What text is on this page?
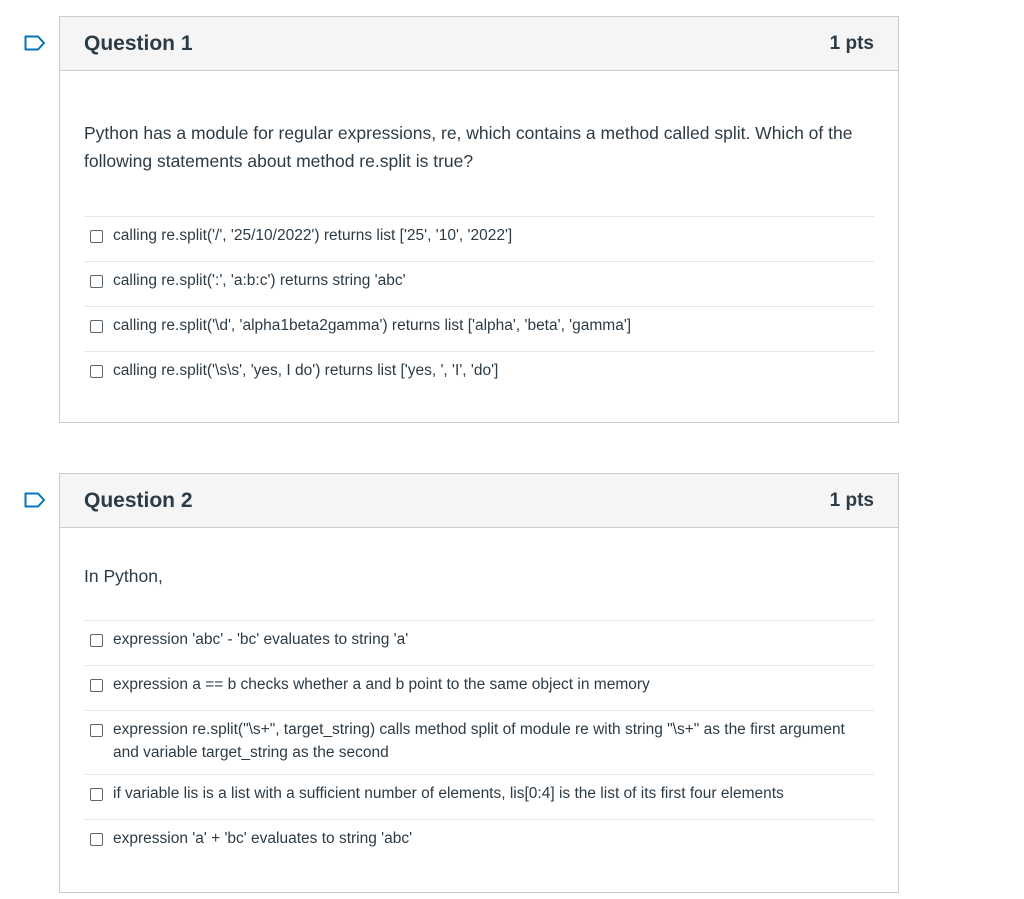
Question 1	1 pts

Python has a module for regular expressions, re, which contains a method called split. Which of the following statements about method re.split is true?

calling re.split('/', '25/10/2022') returns list ['25', '10', '2022']
calling re.split(':', 'a:b:c') returns string 'abc'
calling re.split('\d', 'alpha1beta2gamma') returns list ['alpha', 'beta', 'gamma']
calling re.split('\s\s', 'yes, I do') returns list ['yes, ', 'I', 'do']
Question 2	1 pts

In Python,

expression 'abc' - 'bc' evaluates to string 'a'
expression a == b checks whether a and b point to the same object in memory
expression re.split("\s+", target_string) calls method split of module re with string "\s+" as the first argument and variable target_string as the second
if variable lis is a list with a sufficient number of elements, lis[0:4] is the list of its first four elements
expression 'a' + 'bc' evaluates to string 'abc'
